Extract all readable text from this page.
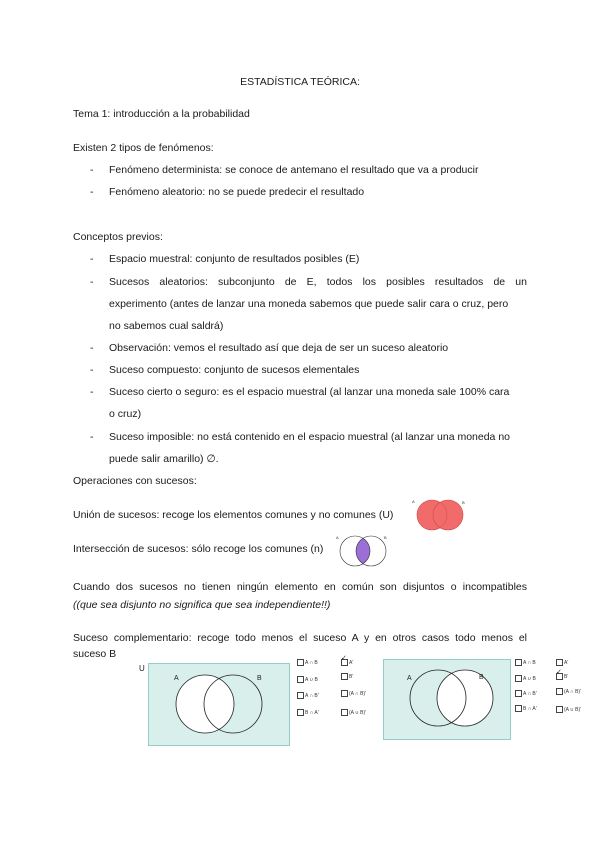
ESTADÍSTICA TEÓRICA:
Tema 1: introducción a la probabilidad
Existen 2 tipos de fenómenos:
- Fenómeno determinista: se conoce de antemano el resultado que va a producir
- Fenómeno aleatorio: no se puede predecir el resultado
Conceptos previos:
- Espacio muestral: conjunto de resultados posibles (E)
- Sucesos aleatorios: subconjunto de E, todos los posibles resultados de un
experimento (antes de lanzar una moneda sabemos que puede salir cara o cruz, pero
no sabemos cual saldrá)
- Observación: vemos el resultado así que deja de ser un suceso aleatorio
- Suceso compuesto: conjunto de sucesos elementales
- Suceso cierto o seguro: es el espacio muestral (al lanzar una moneda sale 100% cara
o cruz)
- Suceso imposible: no está contenido en el espacio muestral (al lanzar una moneda no
puede salir amarillo) ∅.
Operaciones con sucesos:
Unión de sucesos: recoge los elementos comunes y no comunes (U)
A	B
Intersección de sucesos: sólo recoge los comunes (n)
A	B
Cuando dos sucesos no tienen ningún elemento en común son disjuntos o incompatibles
((que sea disjunto no significa que sea independiente!!)
Suceso complementario: recoge todo menos el suceso A y en otros casos todo menos el
suceso B
U
A	B
A ∩ B
A ∪ B
A ∩ B'
B ∩ A'
✓A'
B'
(A ∩ B)'
(A ∪ B)'
A	B
A ∩ B
A ∪ B
A ∩ B'
B ∩ A'
A'
✓B'
(A ∩ B)'
(A ∪ B)'
